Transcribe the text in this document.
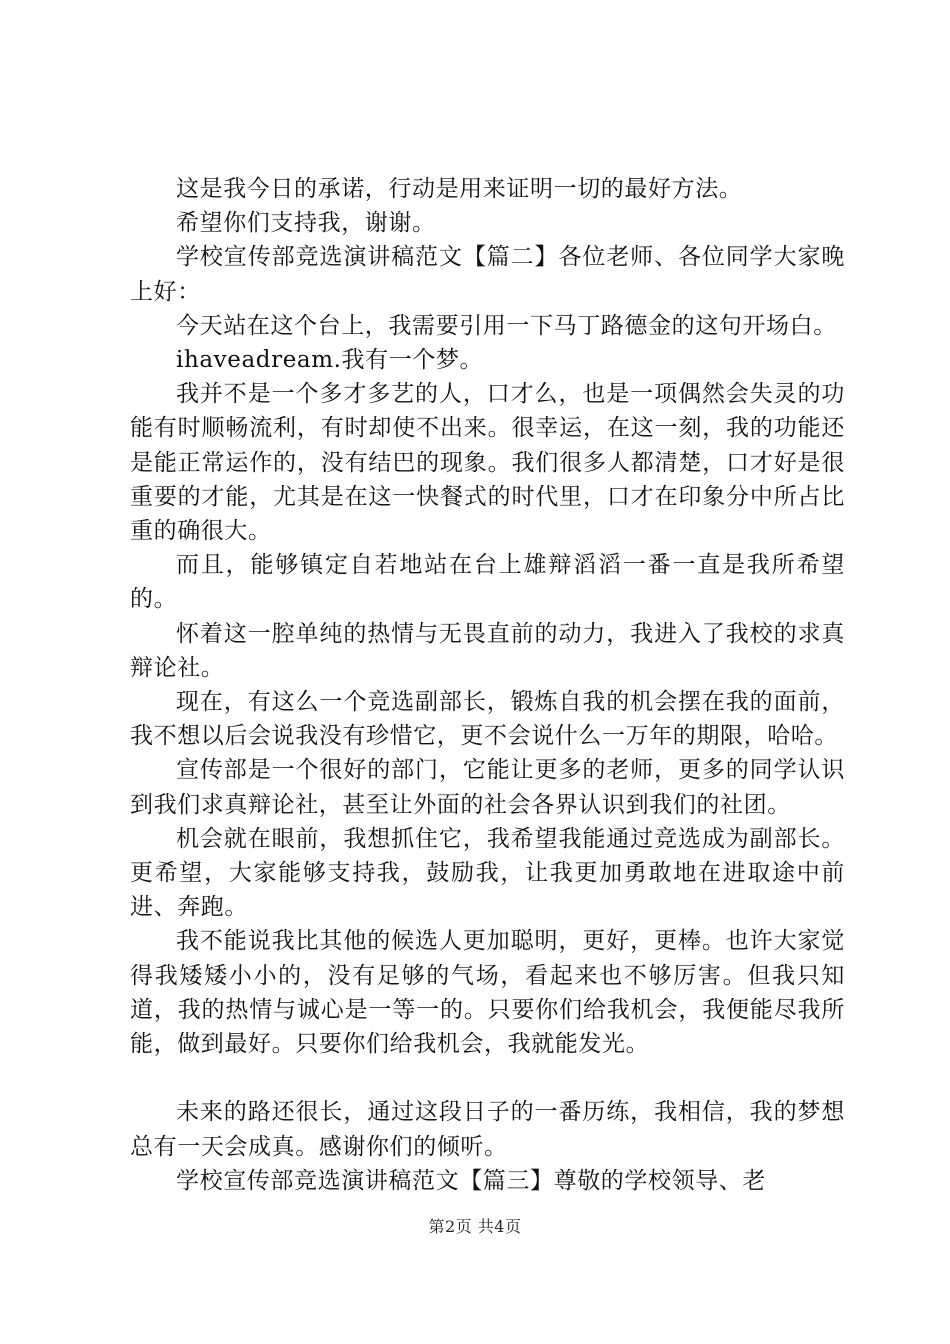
这是我今日的承诺，行动是用来证明一切的最好方法。

希望你们支持我，谢谢。

学校宣传部竞选演讲稿范文【篇二】各位老师、各位同学大家晚上好：

今天站在这个台上，我需要引用一下马丁路德金的这句开场白。

ihaveadream.我有一个梦。

我并不是一个多才多艺的人，口才么，也是一项偶然会失灵的功能有时顺畅流利，有时却使不出来。很幸运，在这一刻，我的功能还是能正常运作的，没有结巴的现象。我们很多人都清楚，口才好是很重要的才能，尤其是在这一快餐式的时代里，口才在印象分中所占比重的确很大。

而且，能够镇定自若地站在台上雄辩滔滔一番一直是我所希望的。

怀着这一腔单纯的热情与无畏直前的动力，我进入了我校的求真辩论社。

现在，有这么一个竞选副部长，锻炼自我的机会摆在我的面前，我不想以后会说我没有珍惜它，更不会说什么一万年的期限，哈哈。

宣传部是一个很好的部门，它能让更多的老师，更多的同学认识到我们求真辩论社，甚至让外面的社会各界认识到我们的社团。

机会就在眼前，我想抓住它，我希望我能通过竞选成为副部长。更希望，大家能够支持我，鼓励我，让我更加勇敢地在进取途中前进、奔跑。

我不能说我比其他的候选人更加聪明，更好，更棒。也许大家觉得我矮矮小小的，没有足够的气场，看起来也不够厉害。但我只知道，我的热情与诚心是一等一的。只要你们给我机会，我便能尽我所能，做到最好。只要你们给我机会，我就能发光。

未来的路还很长，通过这段日子的一番历练，我相信，我的梦想总有一天会成真。感谢你们的倾听。

学校宣传部竞选演讲稿范文【篇三】尊敬的学校领导、老

第2页 共4页
